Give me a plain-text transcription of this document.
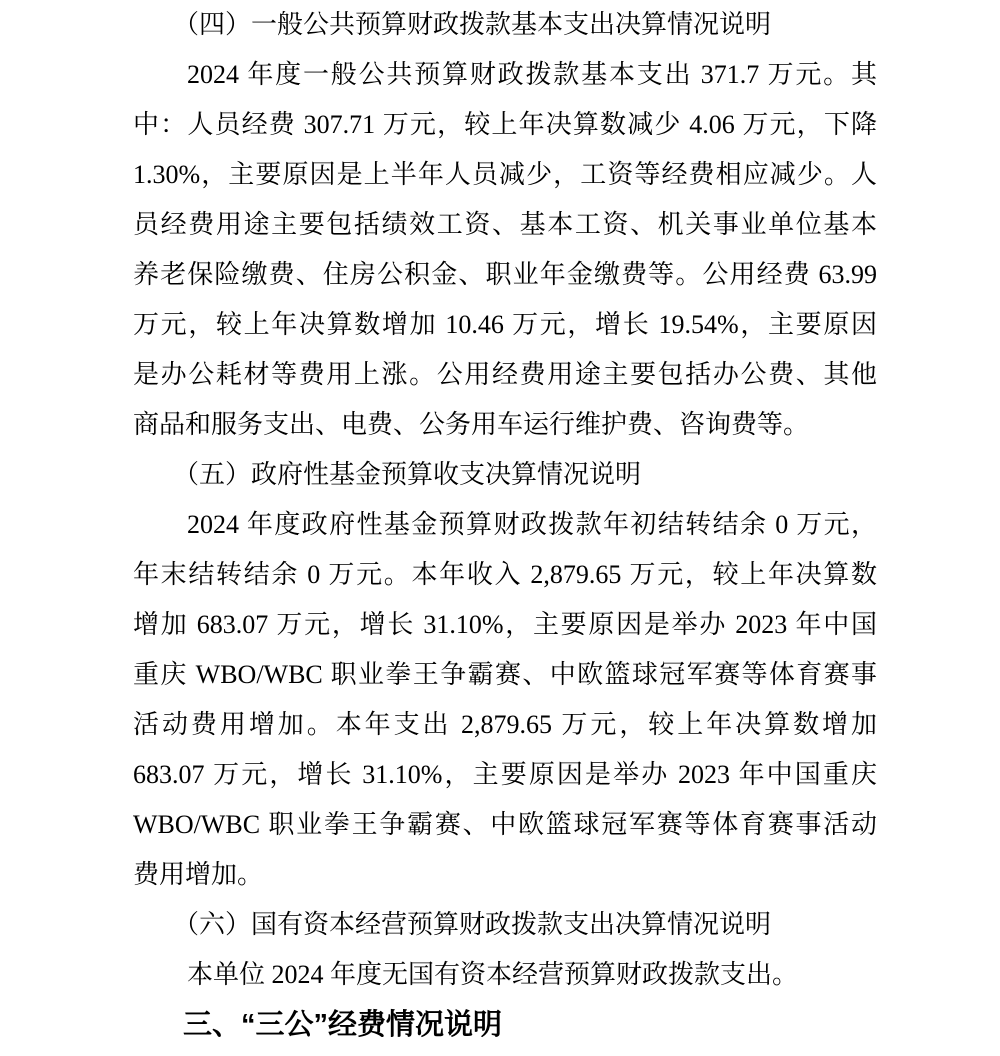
（四）一般公共预算财政拨款基本支出决算情况说明
2024 年度一般公共预算财政拨款基本支出 371.7 万元。其
中：人员经费 307.71 万元，较上年决算数减少 4.06 万元，下降
1.30%，主要原因是上半年人员减少，工资等经费相应减少。人
员经费用途主要包括绩效工资、基本工资、机关事业单位基本
养老保险缴费、住房公积金、职业年金缴费等。公用经费 63.99
万元，较上年决算数增加 10.46 万元，增长 19.54%，主要原因
是办公耗材等费用上涨。公用经费用途主要包括办公费、其他
商品和服务支出、电费、公务用车运行维护费、咨询费等。
（五）政府性基金预算收支决算情况说明
2024 年度政府性基金预算财政拨款年初结转结余 0 万元，
年末结转结余 0 万元。本年收入 2,879.65 万元，较上年决算数
增加 683.07 万元，增长 31.10%，主要原因是举办 2023 年中国
重庆 WBO/WBC 职业拳王争霸赛、中欧篮球冠军赛等体育赛事
活动费用增加。本年支出 2,879.65 万元，较上年决算数增加
683.07 万元，增长 31.10%，主要原因是举办 2023 年中国重庆
WBO/WBC 职业拳王争霸赛、中欧篮球冠军赛等体育赛事活动
费用增加。
（六）国有资本经营预算财政拨款支出决算情况说明
本单位 2024 年度无国有资本经营预算财政拨款支出。
三、“三公”经费情况说明
